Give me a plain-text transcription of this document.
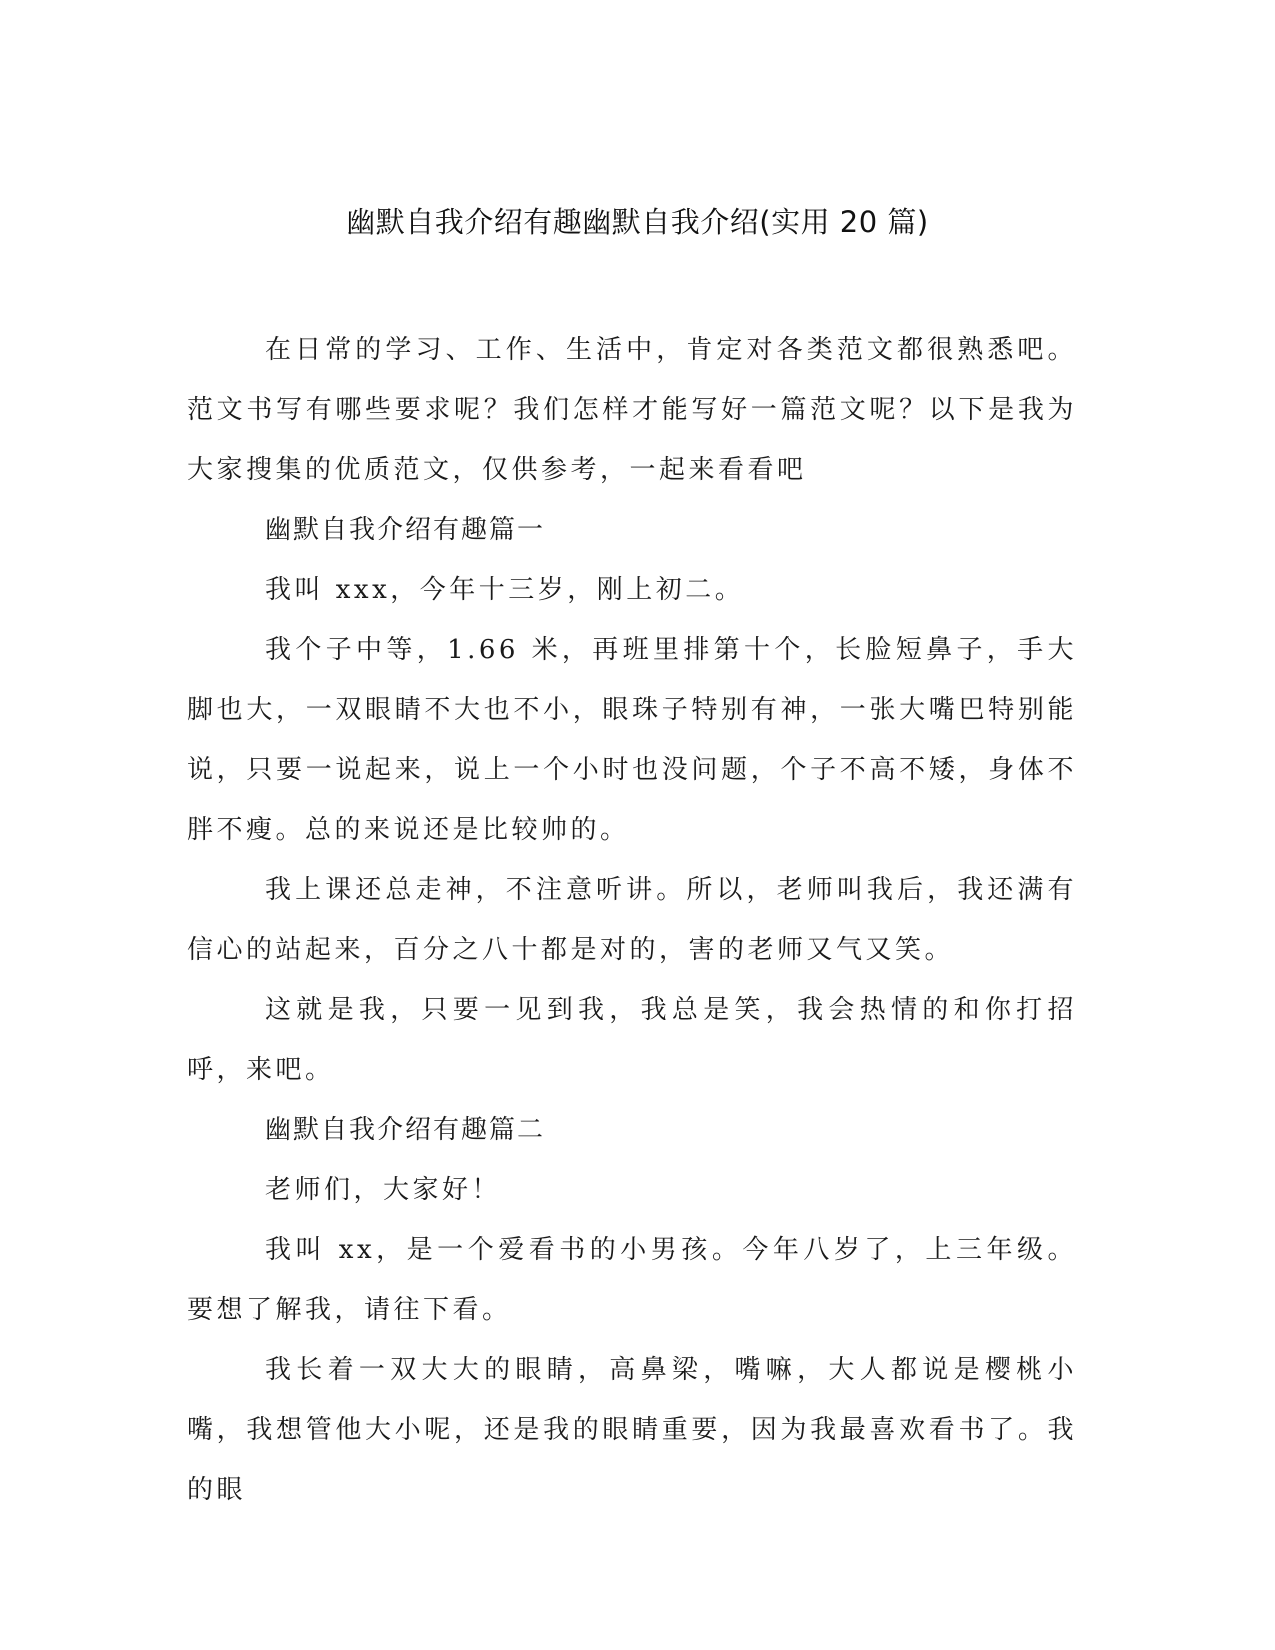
幽默自我介绍有趣幽默自我介绍(实用 20 篇)

在日常的学习、工作、生活中，肯定对各类范文都很熟悉吧。范文书写有哪些要求呢？我们怎样才能写好一篇范文呢？以下是我为大家搜集的优质范文，仅供参考，一起来看看吧

幽默自我介绍有趣篇一

我叫 xxx，今年十三岁，刚上初二。

我个子中等，1.66 米，再班里排第十个，长脸短鼻子，手大脚也大，一双眼睛不大也不小，眼珠子特别有神，一张大嘴巴特别能说，只要一说起来，说上一个小时也没问题，个子不高不矮，身体不胖不瘦。总的来说还是比较帅的。

我上课还总走神，不注意听讲。所以，老师叫我后，我还满有信心的站起来，百分之八十都是对的，害的老师又气又笑。

这就是我，只要一见到我，我总是笑，我会热情的和你打招呼，来吧。

幽默自我介绍有趣篇二

老师们，大家好！

我叫 xx，是一个爱看书的小男孩。今年八岁了，上三年级。要想了解我，请往下看。

我长着一双大大的眼睛，高鼻梁，嘴嘛，大人都说是樱桃小嘴，我想管他大小呢，还是我的眼睛重要，因为我最喜欢看书了。我的眼
